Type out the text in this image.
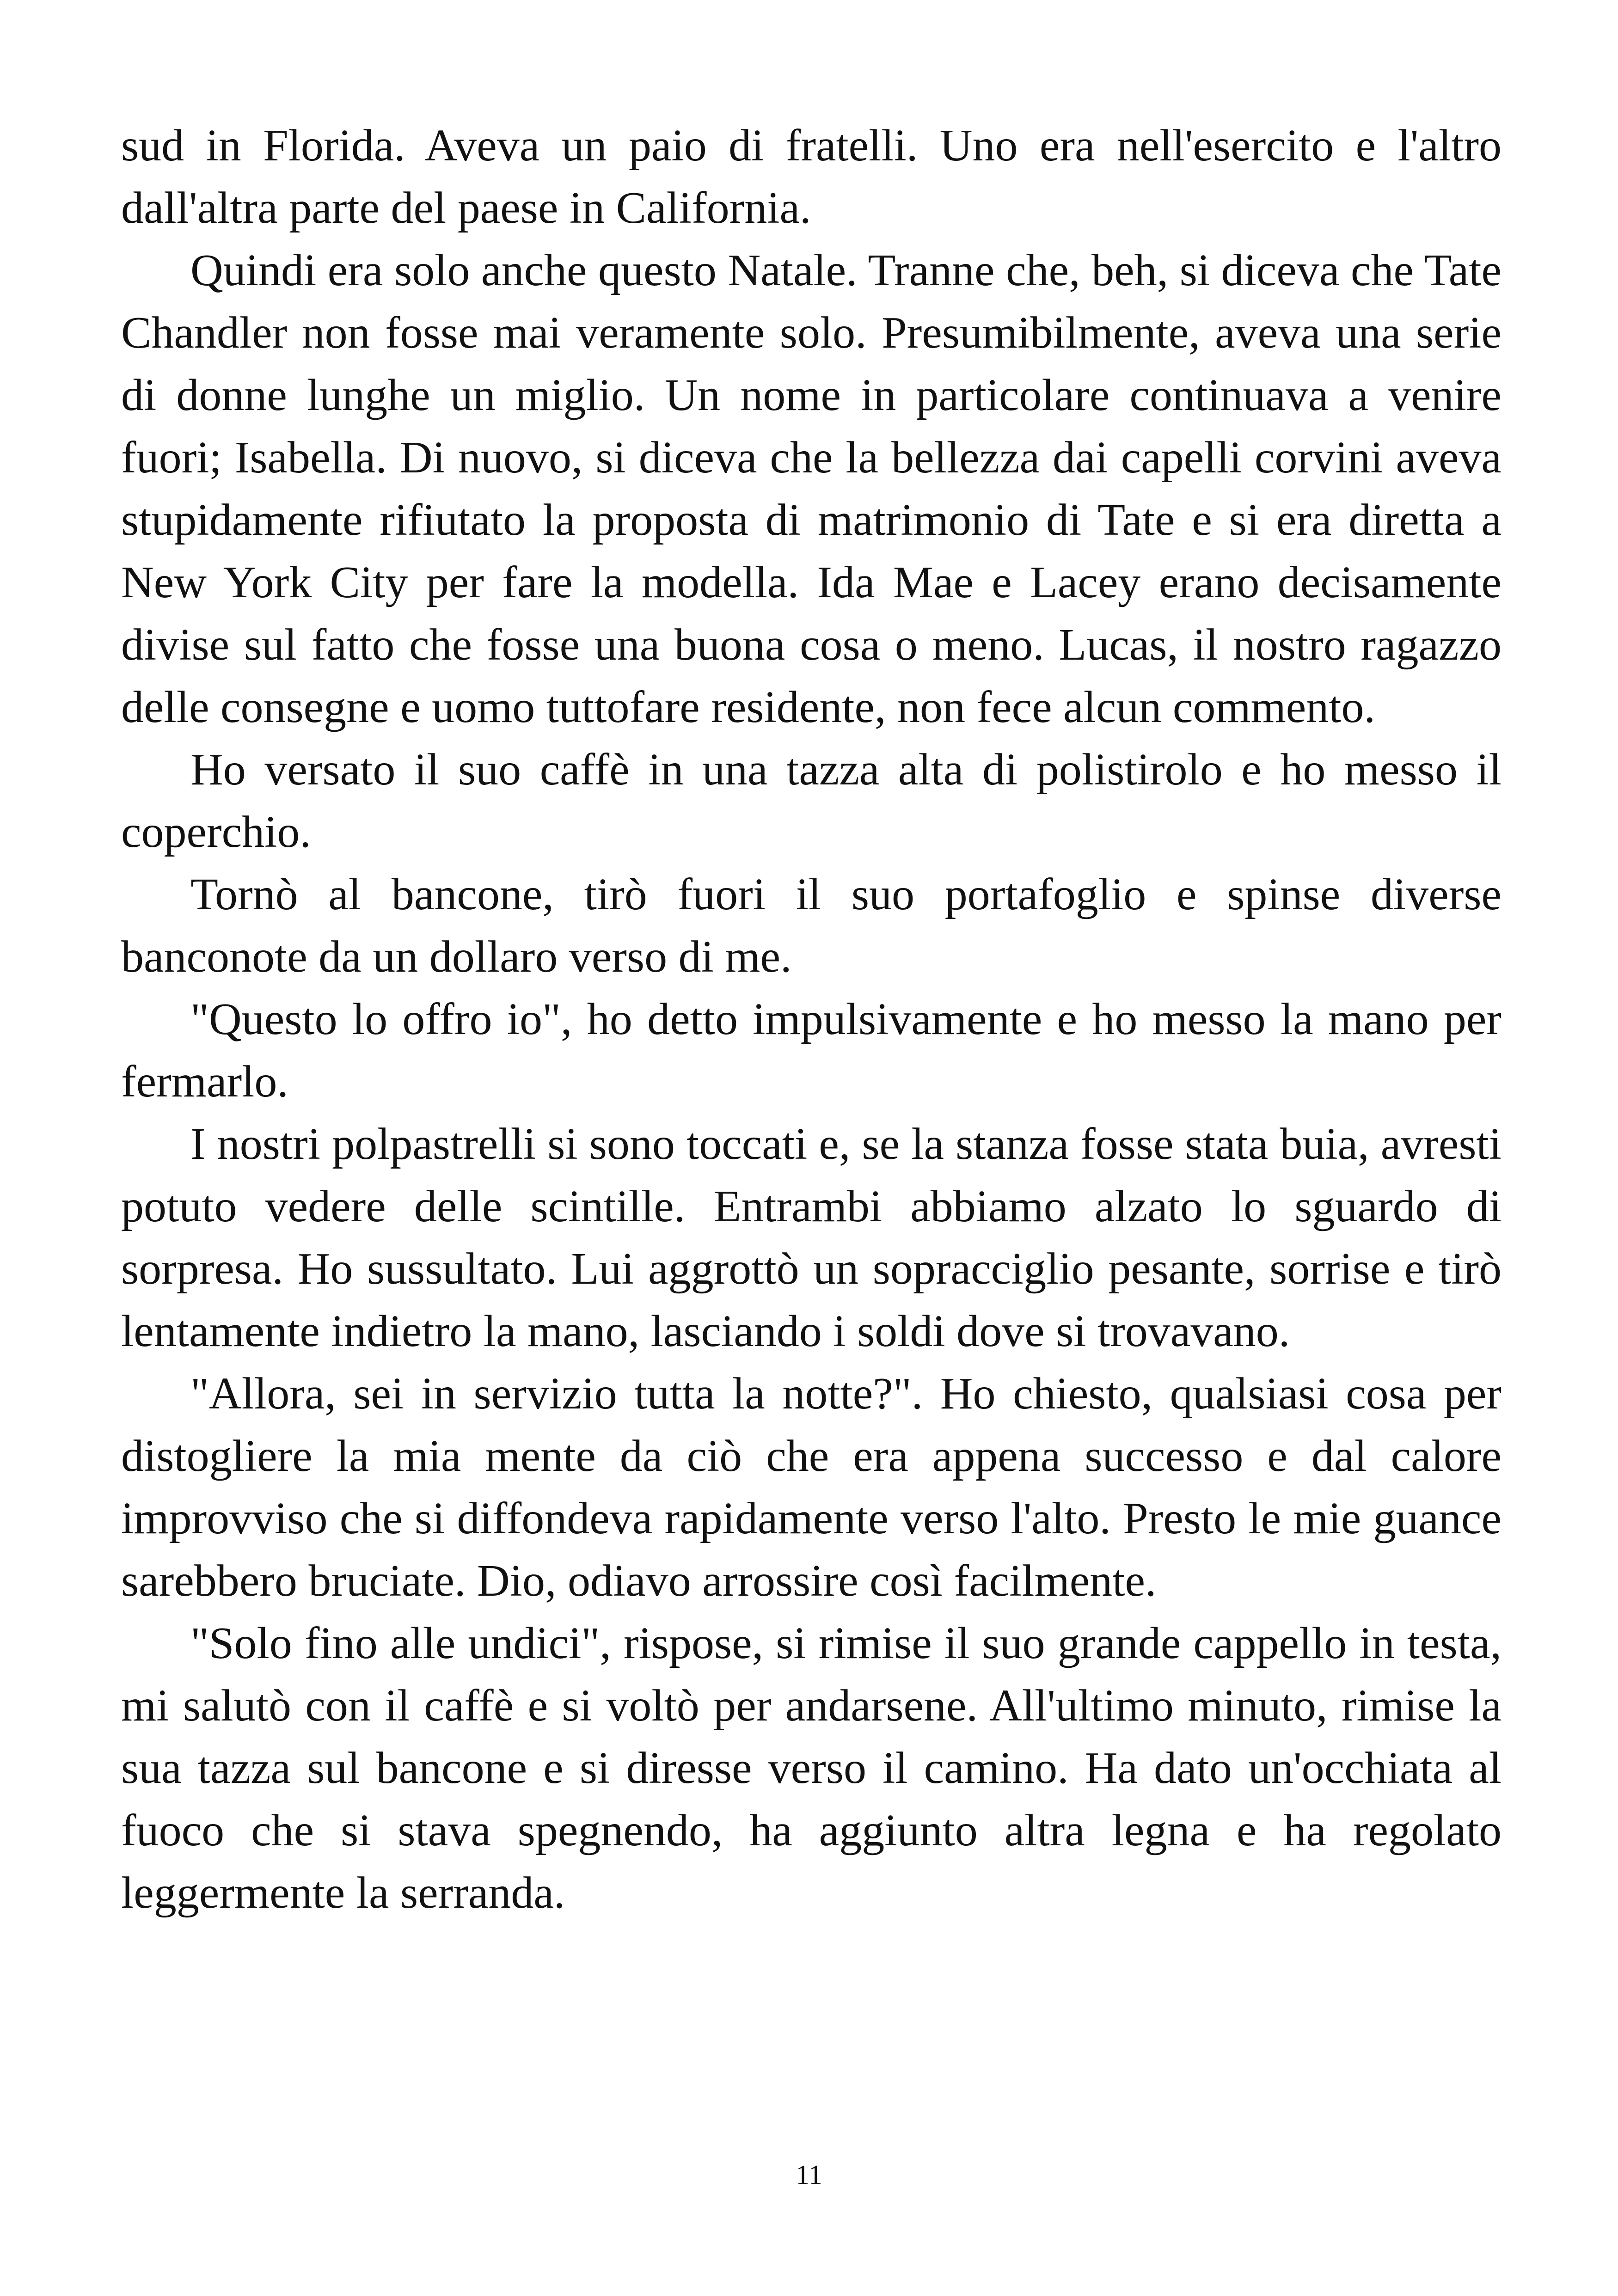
sud in Florida. Aveva un paio di fratelli. Uno era nell'esercito e l'altro dall'altra parte del paese in California.

Quindi era solo anche questo Natale. Tranne che, beh, si diceva che Tate Chandler non fosse mai veramente solo. Presumibilmente, aveva una serie di donne lunghe un miglio. Un nome in particolare continuava a venire fuori; Isabella. Di nuovo, si diceva che la bellezza dai capelli corvini aveva stupidamente rifiutato la proposta di matrimonio di Tate e si era diretta a New York City per fare la modella. Ida Mae e Lacey erano decisamente divise sul fatto che fosse una buona cosa o meno. Lucas, il nostro ragazzo delle consegne e uomo tuttofare residente, non fece alcun commento.

Ho versato il suo caffè in una tazza alta di polistirolo e ho messo il coperchio.

Tornò al bancone, tirò fuori il suo portafoglio e spinse diverse banconote da un dollaro verso di me.

"Questo lo offro io", ho detto impulsivamente e ho messo la mano per fermarlo.

I nostri polpastrelli si sono toccati e, se la stanza fosse stata buia, avresti potuto vedere delle scintille. Entrambi abbiamo alzato lo sguardo di sorpresa. Ho sussultato. Lui aggrottò un sopracciglio pesante, sorrise e tirò lentamente indietro la mano, lasciando i soldi dove si trovavano.

"Allora, sei in servizio tutta la notte?". Ho chiesto, qualsiasi cosa per distogliere la mia mente da ciò che era appena successo e dal calore improvviso che si diffondeva rapidamente verso l'alto. Presto le mie guance sarebbero bruciate. Dio, odiavo arrossire così facilmente.

"Solo fino alle undici", rispose, si rimise il suo grande cappello in testa, mi salutò con il caffè e si voltò per andarsene. All'ultimo minuto, rimise la sua tazza sul bancone e si diresse verso il camino. Ha dato un'occhiata al fuoco che si stava spegnendo, ha aggiunto altra legna e ha regolato leggermente la serranda.

11
